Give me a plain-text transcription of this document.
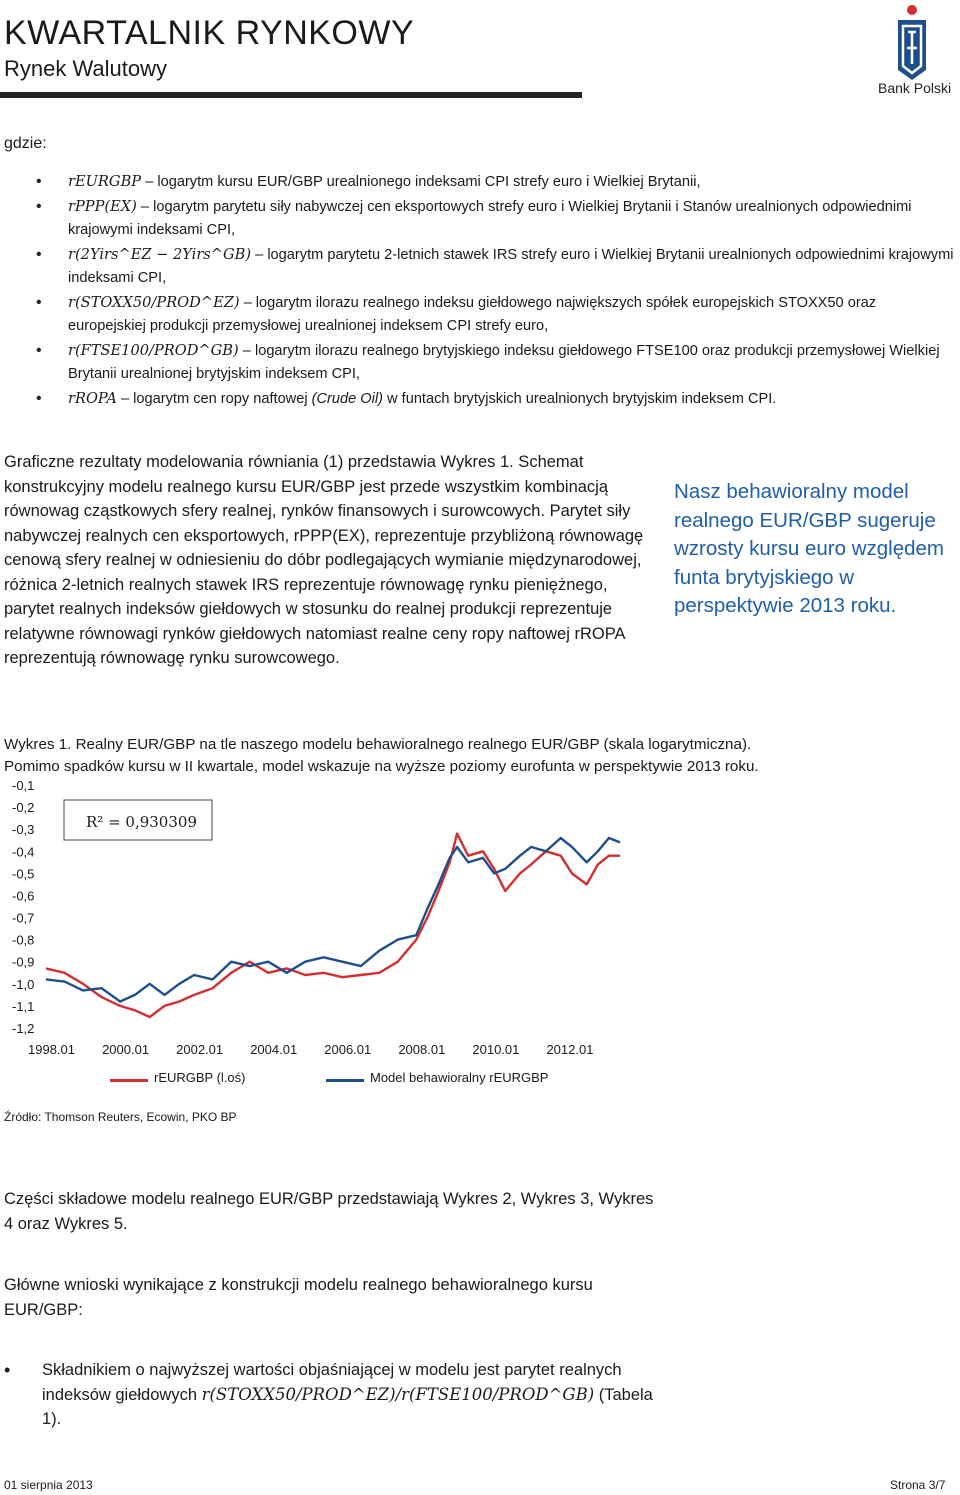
KWARTALNIK RYNKOWY
Rynek Walutowy
Bank Polski
gdzie:
• rEURGBP – logarytm kursu EUR/GBP urealnionego indeksami CPI strefy euro i Wielkiej Brytanii,
• rPPP(EX) – logarytm parytetu siły nabywczej cen eksportowych strefy euro i Wielkiej Brytanii i Stanów urealnionych odpowiednimi krajowymi indeksami CPI,
• r(2Yirs^EZ − 2Yirs^GB) – logarytm parytetu 2-letnich stawek IRS strefy euro i Wielkiej Brytanii urealnionych odpowiednimi krajowymi indeksami CPI,
• r(STOXX50/PROD^EZ) – logarytm ilorazu realnego indeksu giełdowego największych spółek europejskich STOXX50 oraz europejskiej produkcji przemysłowej urealnionej indeksem CPI strefy euro,
• r(FTSE100/PROD^GB) – logarytm ilorazu realnego brytyjskiego indeksu giełdowego FTSE100 oraz produkcji przemysłowej Wielkiej Brytanii urealnionej brytyjskim indeksem CPI,
• rROPA – logarytm cen ropy naftowej (Crude Oil) w funtach brytyjskich urealnionych brytyjskim indeksem CPI.
Graficzne rezultaty modelowania równiania (1) przedstawia Wykres 1. Schemat konstrukcyjny modelu realnego kursu EUR/GBP jest przede wszystkim kombinacją równowag cząstkowych sfery realnej, rynków finansowych i surowcowych. Parytet siły nabywczej realnych cen eksportowych, rPPP(EX), reprezentuje przybliżoną równowagę cenową sfery realnej w odniesieniu do dóbr podlegających wymianie międzynarodowej, różnica 2-letnich realnych stawek IRS reprezentuje równowagę rynku pieniężnego, parytet realnych indeksów giełdowych w stosunku do realnej produkcji reprezentuje relatywne równowagi rynków giełdowych natomiast realne ceny ropy naftowej rROPA reprezentują równowagę rynku surowcowego.
Nasz behawioralny model realnego EUR/GBP sugeruje wzrosty kursu euro względem funta brytyjskiego w perspektywie 2013 roku.
Wykres 1. Realny EUR/GBP na tle naszego modelu behawioralnego realnego EUR/GBP (skala logarytmiczna).
Pomimo spadków kursu w II kwartale, model wskazuje na wyższe poziomy eurofunta w perspektywie 2013 roku.
-0,1
-0,2
-0,3
-0,4
-0,5
-0,6
-0,7
-0,8
-0,9
-1,0
-1,1
-1,2
1998.01 2000.01 2002.01 2004.01 2006.01 2008.01 2010.01 2012.01
R² = 0,930309
rEURGBP (l.oś)	Model behawioralny rEURGBP
Źródło: Thomson Reuters, Ecowin, PKO BP
Części składowe modelu realnego EUR/GBP przedstawiają Wykres 2, Wykres 3, Wykres 4 oraz Wykres 5.
Główne wnioski wynikające z konstrukcji modelu realnego behawioralnego kursu EUR/GBP:
• Składnikiem o najwyższej wartości objaśniającej w modelu jest parytet realnych indeksów giełdowych r(STOXX50/PROD^EZ)/r(FTSE100/PROD^GB) (Tabela 1).
01 sierpnia 2013	Strona 3/7
